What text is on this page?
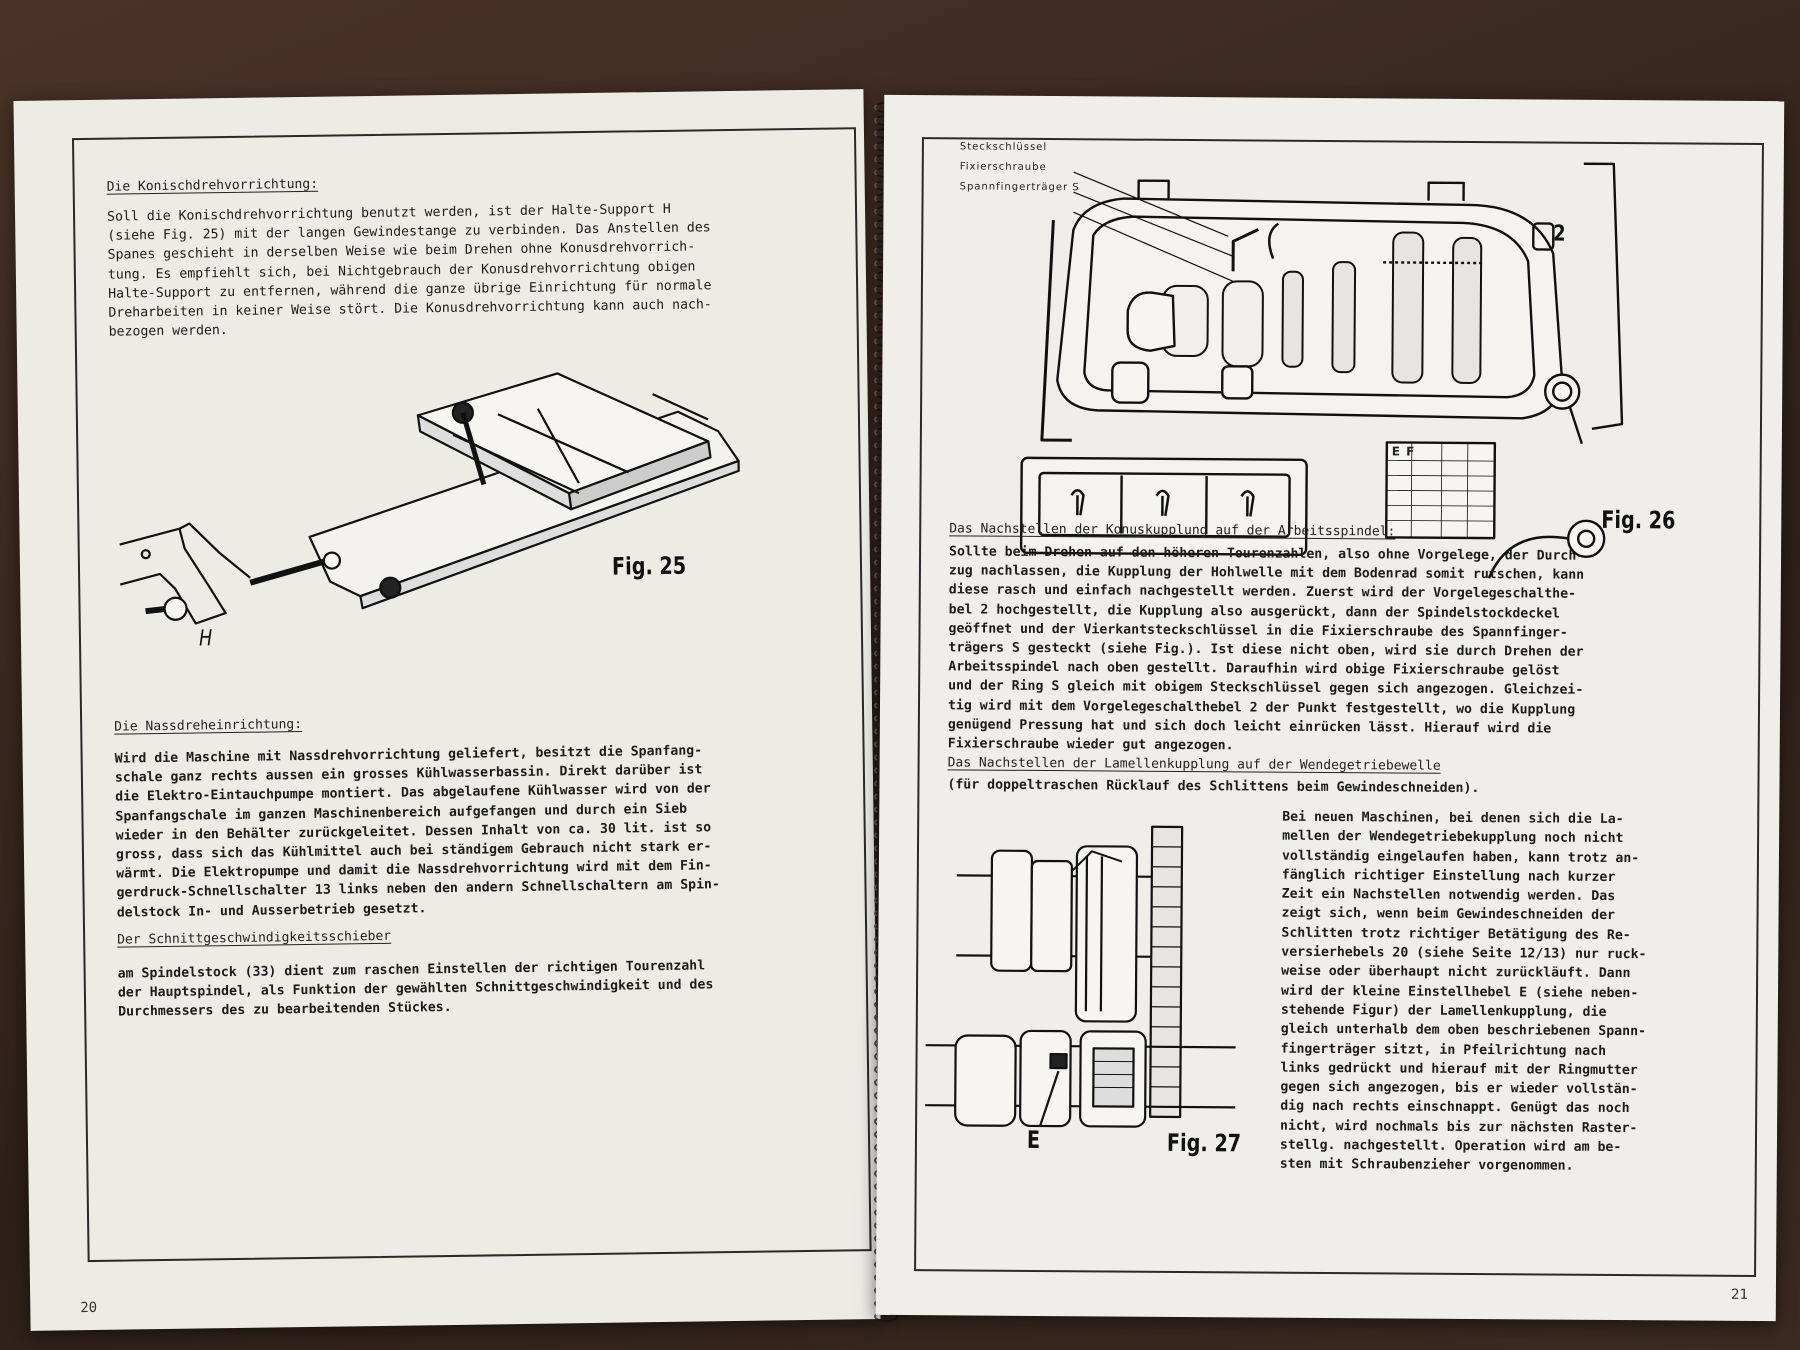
Die Konischdrehvorrichtung:
Soll die Konischdrehvorrichtung benutzt werden, ist der Halte-Support H
(siehe Fig. 25) mit der langen Gewindestange zu verbinden. Das Anstellen des
Spanes geschieht in derselben Weise wie beim Drehen ohne Konusdrehvorrich-
tung. Es empfiehlt sich, bei Nichtgebrauch der Konusdrehvorrichtung obigen
Halte-Support zu entfernen, während die ganze übrige Einrichtung für normale
Dreharbeiten in keiner Weise stört. Die Konusdrehvorrichtung kann auch nach-
bezogen werden.
Fig. 25
H
Die Nassdreheinrichtung:
Wird die Maschine mit Nassdrehvorrichtung geliefert, besitzt die Spanfang-
schale ganz rechts aussen ein grosses Kühlwasserbassin. Direkt darüber ist
die Elektro-Eintauchpumpe montiert. Das abgelaufene Kühlwasser wird von der
Spanfangschale im ganzen Maschinenbereich aufgefangen und durch ein Sieb
wieder in den Behälter zurückgeleitet. Dessen Inhalt von ca. 30 lit. ist so
gross, dass sich das Kühlmittel auch bei ständigem Gebrauch nicht stark er-
wärmt. Die Elektropumpe und damit die Nassdrehvorrichtung wird mit dem Fin-
gerdruck-Schnellschalter 13 links neben den andern Schnellschaltern am Spin-
delstock In- und Ausserbetrieb gesetzt.
Der Schnittgeschwindigkeitsschieber
am Spindelstock (33) dient zum raschen Einstellen der richtigen Tourenzahl
der Hauptspindel, als Funktion der gewählten Schnittgeschwindigkeit und des
Durchmessers des zu bearbeitenden Stückes.
20
Steckschlüssel
Fixierschraube
Spannfingerträger S
2
E F
Fig. 26
Das Nachstellen der Konuskupplung auf der Arbeitsspindel:
Sollte beim Drehen auf den höheren Tourenzahlen, also ohne Vorgelege, der Durch-
zug nachlassen, die Kupplung der Hohlwelle mit dem Bodenrad somit rutschen, kann
diese rasch und einfach nachgestellt werden. Zuerst wird der Vorgelegeschalthe-
bel 2 hochgestellt, die Kupplung also ausgerückt, dann der Spindelstockdeckel
geöffnet und der Vierkantsteckschlüssel in die Fixierschraube des Spannfinger-
trägers S gesteckt (siehe Fig.). Ist diese nicht oben, wird sie durch Drehen der
Arbeitsspindel nach oben gestellt. Daraufhin wird obige Fixierschraube gelöst
und der Ring S gleich mit obigem Steckschlüssel gegen sich angezogen. Gleichzei-
tig wird mit dem Vorgelegeschalthebel 2 der Punkt festgestellt, wo die Kupplung
genügend Pressung hat und sich doch leicht einrücken lässt. Hierauf wird die
Fixierschraube wieder gut angezogen.
Das Nachstellen der Lamellenkupplung auf der Wendegetriebewelle
(für doppeltraschen Rücklauf des Schlittens beim Gewindeschneiden).
E	Fig. 27
Bei neuen Maschinen, bei denen sich die La-
mellen der Wendegetriebekupplung noch nicht
vollständig eingelaufen haben, kann trotz an-
fänglich richtiger Einstellung nach kurzer
Zeit ein Nachstellen notwendig werden. Das
zeigt sich, wenn beim Gewindeschneiden der
Schlitten trotz richtiger Betätigung des Re-
versierhebels 20 (siehe Seite 12/13) nur ruck-
weise oder überhaupt nicht zurückläuft. Dann
wird der kleine Einstellhebel E (siehe neben-
stehende Figur) der Lamellenkupplung, die
gleich unterhalb dem oben beschriebenen Spann-
fingerträger sitzt, in Pfeilrichtung nach
links gedrückt und hierauf mit der Ringmutter
gegen sich angezogen, bis er wieder vollstän-
dig nach rechts einschnappt. Genügt das noch
nicht, wird nochmals bis zur nächsten Raster-
stellg. nachgestellt. Operation wird am be-
sten mit Schraubenzieher vorgenommen.
21
